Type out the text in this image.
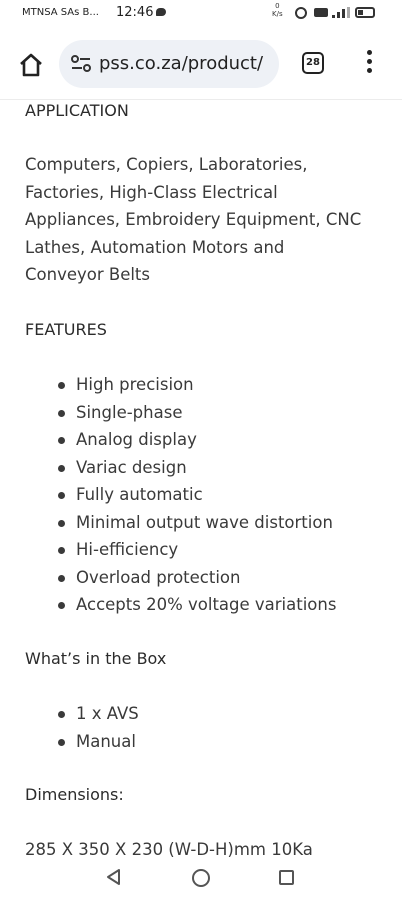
MTNSA SAs B... 12:46	0
K/s
pss.co.za/product/	28
APPLICATION
Computers, Copiers, Laboratories,
Factories, High-Class Electrical
Appliances, Embroidery Equipment, CNC
Lathes, Automation Motors and
Conveyor Belts
FEATURES
High precision
Single-phase
Analog display
Variac design
Fully automatic
Minimal output wave distortion
Hi-efficiency
Overload protection
Accepts 20% voltage variations
What’s in the Box
1 x AVS
Manual
Dimensions:
285 X 350 X 230 (W-D-H)mm 10Ka
